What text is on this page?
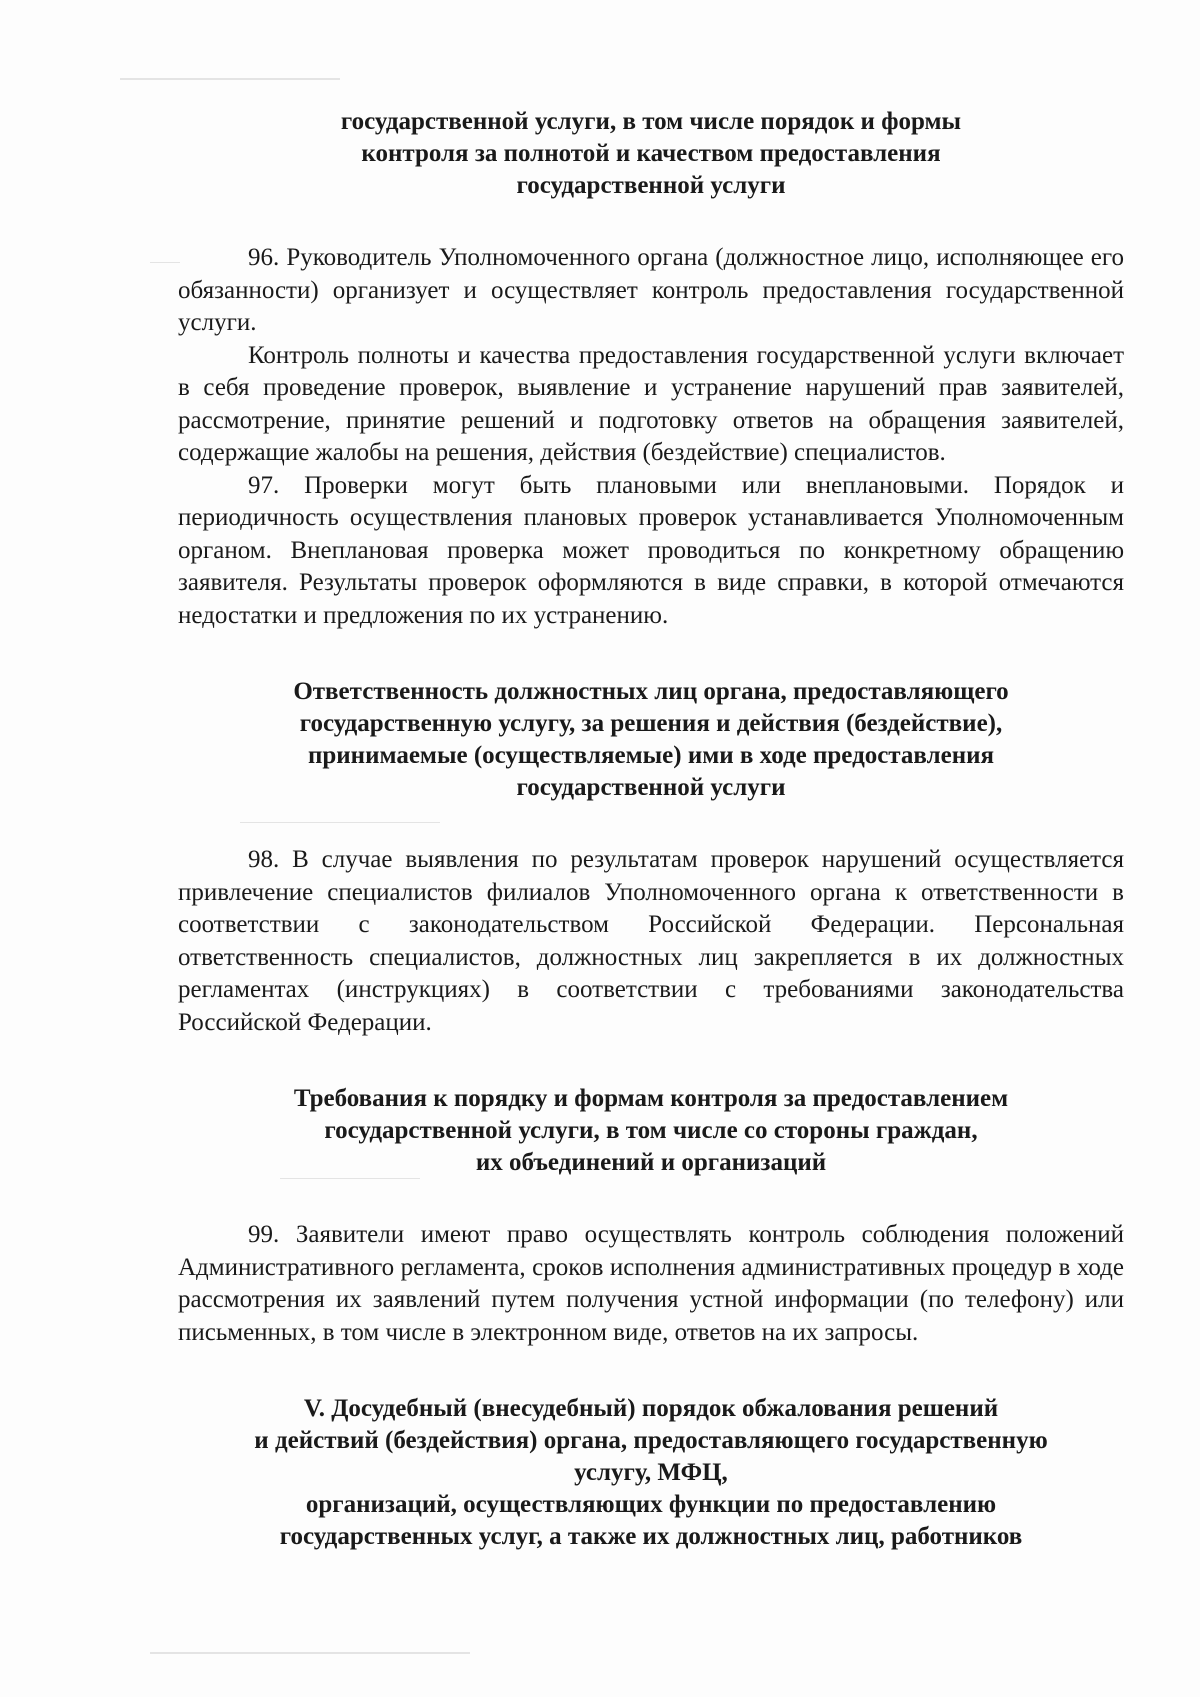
государственной услуги, в том числе порядок и формы
контроля за полнотой и качеством предоставления
государственной услуги

96. Руководитель Уполномоченного органа (должностное лицо, исполняющее его обязанности) организует и осуществляет контроль предоставления государственной услуги.

Контроль полноты и качества предоставления государственной услуги включает в себя проведение проверок, выявление и устранение нарушений прав заявителей, рассмотрение, принятие решений и подготовку ответов на обращения заявителей, содержащие жалобы на решения, действия (бездействие) специалистов.

97. Проверки могут быть плановыми или внеплановыми. Порядок и периодичность осуществления плановых проверок устанавливается Уполномоченным органом. Внеплановая проверка может проводиться по конкретному обращению заявителя. Результаты проверок оформляются в виде справки, в которой отмечаются недостатки и предложения по их устранению.

Ответственность должностных лиц органа, предоставляющего
государственную услугу, за решения и действия (бездействие),
принимаемые (осуществляемые) ими в ходе предоставления
государственной услуги

98. В случае выявления по результатам проверок нарушений осуществляется привлечение специалистов филиалов Уполномоченного органа к ответственности в соответствии с законодательством Российской Федерации. Персональная ответственность специалистов, должностных лиц закрепляется в их должностных регламентах (инструкциях) в соответствии с требованиями законодательства Российской Федерации.

Требования к порядку и формам контроля за предоставлением
государственной услуги, в том числе со стороны граждан,
их объединений и организаций

99. Заявители имеют право осуществлять контроль соблюдения положений Административного регламента, сроков исполнения административных процедур в ходе рассмотрения их заявлений путем получения устной информации (по телефону) или письменных, в том числе в электронном виде, ответов на их запросы.

V. Досудебный (внесудебный) порядок обжалования решений
и действий (бездействия) органа, предоставляющего государственную
услугу, МФЦ,
организаций, осуществляющих функции по предоставлению
государственных услуг, а также их должностных лиц, работников
